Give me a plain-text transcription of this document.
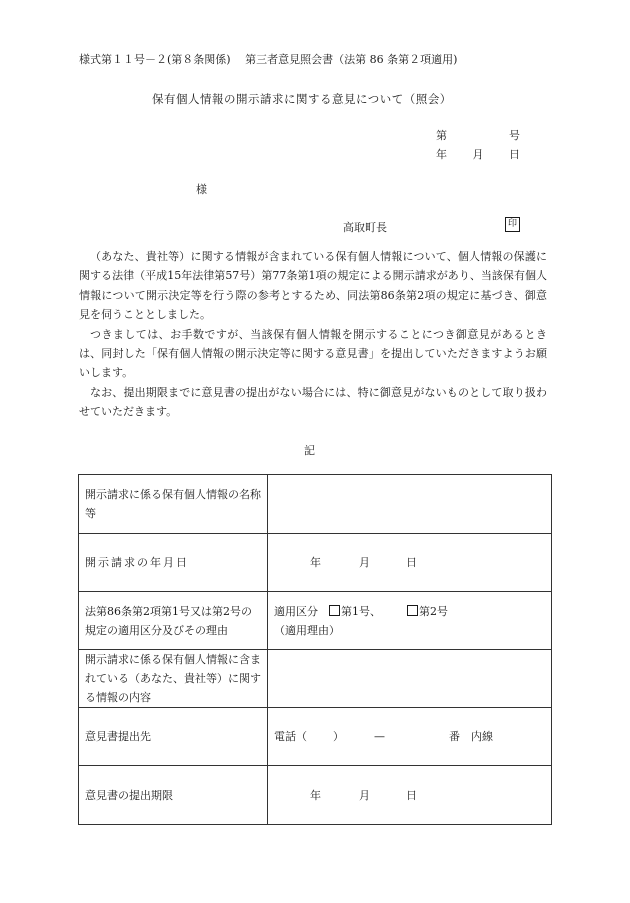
様式第１１号－２(第８条関係)　 第三者意見照会書（法第 86 条第２項適用)
保有個人情報の開示請求に関する意見について（照会）
第	号
年 月 日
様
高取町長	印

（あなた、貴社等）に関する情報が含まれている保有個人情報について、個人情報の保護に関する法律（平成15年法律第57号）第77条第1項の規定による開示請求があり、当該保有個人情報について開示決定等を行う際の参考とするため、同法第86条第2項の規定に基づき、御意見を伺うこととしました。

つきましては、お手数ですが、当該保有個人情報を開示することにつき御意見があるときは、同封した「保有個人情報の開示決定等に関する意見書」を提出していただきますようお願いします。

なお、提出期限までに意見書の提出がない場合には、特に御意見がないものとして取り扱わせていただきます。

記
開示請求に係る保有個人情報の名称等	
開示請求の年月日	年 月 日
法第86条第2項第1号又は第2号の規定の適用区分及びその理由	適用区分　 第1号、 第2号
（適用理由）

開示請求に係る保有個人情報に含まれている（あなた、貴社等）に関する情報の内容	
意見書提出先	電話（ ） — 番　 内線
意見書の提出期限	年 月 日
